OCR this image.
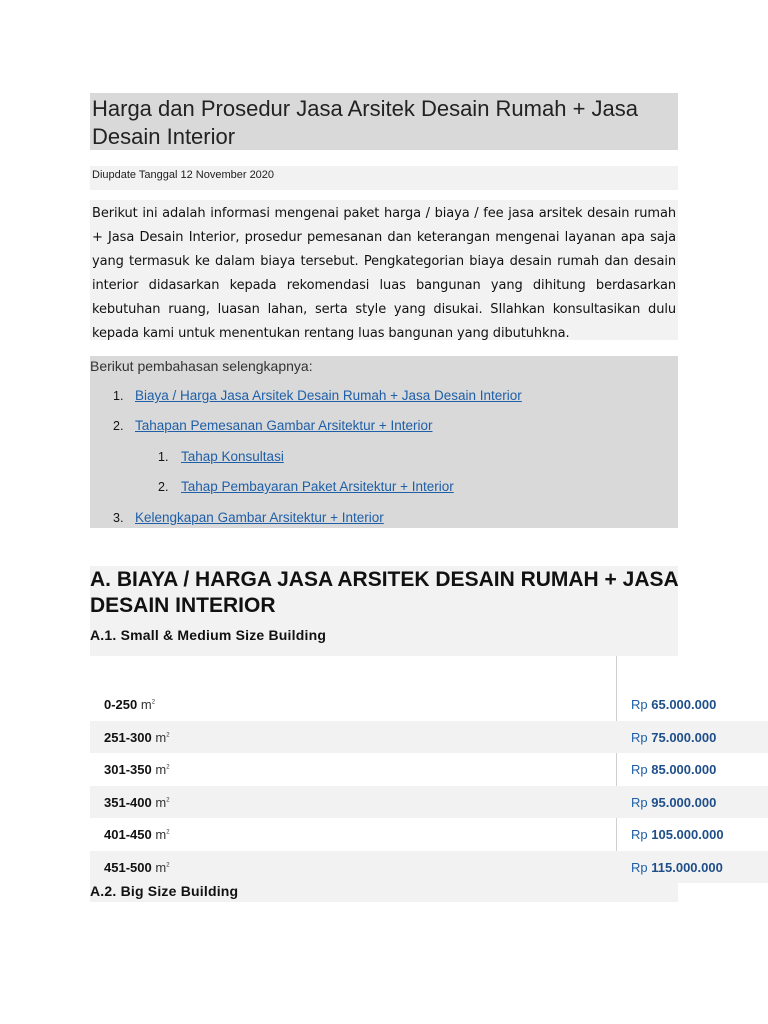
Harga dan Prosedur Jasa Arsitek Desain Rumah + Jasa Desain Interior
Diupdate Tanggal 12 November 2020
Berikut ini adalah informasi mengenai paket harga / biaya / fee jasa arsitek desain rumah + Jasa Desain Interior, prosedur pemesanan dan keterangan mengenai layanan apa saja yang termasuk ke dalam biaya tersebut. Pengkategorian biaya desain rumah dan desain interior didasarkan kepada rekomendasi luas bangunan yang dihitung berdasarkan kebutuhan ruang, luasan lahan, serta style yang disukai. SIlahkan konsultasikan dulu kepada kami untuk menentukan rentang luas bangunan yang dibutuhkna.
Berikut pembahasan selengkapnya:
1. Biaya / Harga Jasa Arsitek Desain Rumah + Jasa Desain Interior
2. Tahapan Pemesanan Gambar Arsitektur + Interior
1. Tahap Konsultasi
2. Tahap Pembayaran Paket Arsitektur + Interior
3. Kelengkapan Gambar Arsitektur + Interior
A. BIAYA / HARGA JASA ARSITEK DESAIN RUMAH + JASA DESAIN INTERIOR
A.1. Small & Medium Size Building
0-250 $m^2$	Rp 65.000.000
251-300 $m^2$	Rp 75.000.000
301-350 $m^2$	Rp 85.000.000
351-400 $m^2$	Rp 95.000.000
401-450 $m^2$	Rp 105.000.000
451-500 $m^2$	Rp 115.000.000
A.2. Big Size Building
